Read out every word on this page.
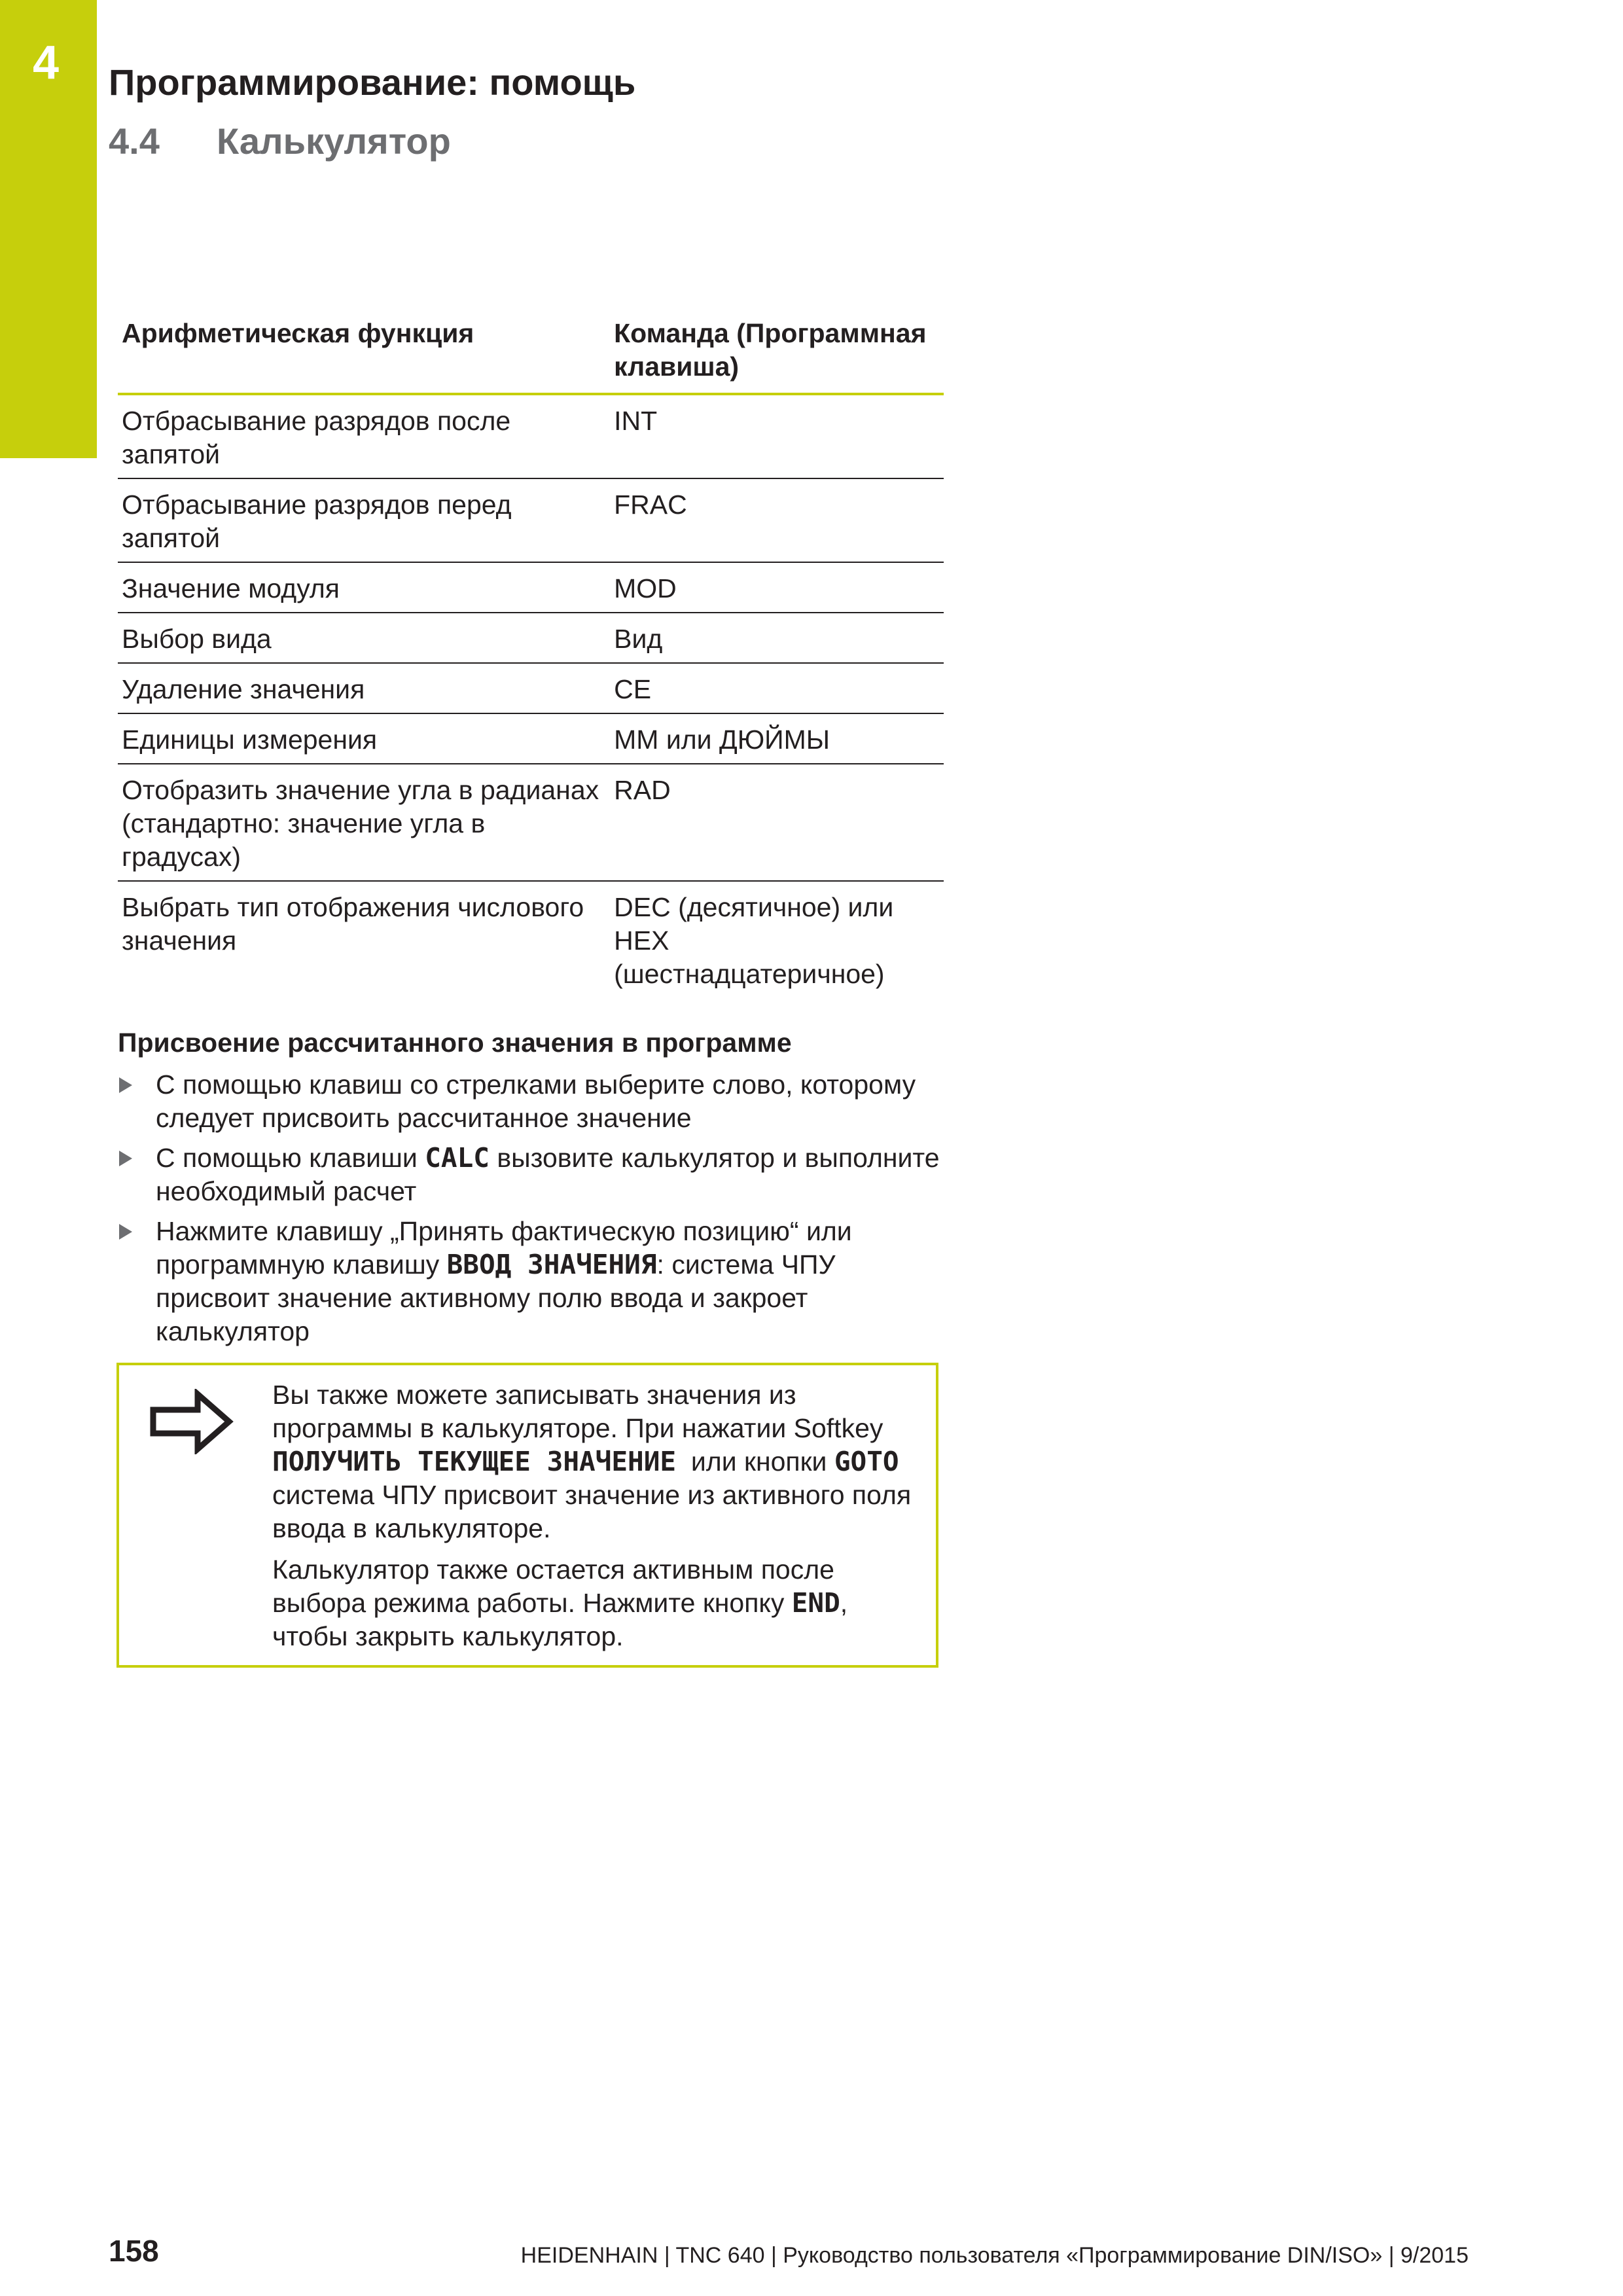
4 Программирование: помощь
4.4 Калькулятор
Арифметическая функция	Команда (Программная клавиша)
Отбрасывание разрядов после запятой	INT
Отбрасывание разрядов перед запятой	FRAC
Значение модуля	MOD
Выбор вида	Вид
Удаление значения	CE
Единицы измерения	ММ или ДЮЙМЫ
Отобразить значение угла в радианах (стандартно: значение угла в градусах)	RAD
Выбрать тип отображения числового значения	DEC (десятичное) или HEX (шестнадцатеричное)
Присвоение рассчитанного значения в программе
С помощью клавиш со стрелками выберите слово, которому следует присвоить рассчитанное значение
С помощью клавиши CALC вызовите калькулятор и выполните необходимый расчет
Нажмите клавишу „Принять фактическую позицию“ или программную клавишу ВВОД ЗНАЧЕНИЯ: система ЧПУ присвоит значение активному полю ввода и закроет калькулятор

Вы также можете записывать значения из программы в калькуляторе. При нажатии Softkey ПОЛУЧИТЬ ТЕКУЩЕЕ ЗНАЧЕНИЕ  или кнопки GOTO система ЧПУ присвоит значение из активного поля ввода в калькуляторе.

Калькулятор также остается активным после выбора режима работы. Нажмите кнопку END, чтобы закрыть калькулятор.

158	HEIDENHAIN | TNC 640 | Руководство пользователя «Программирование DIN/ISO» | 9/2015
